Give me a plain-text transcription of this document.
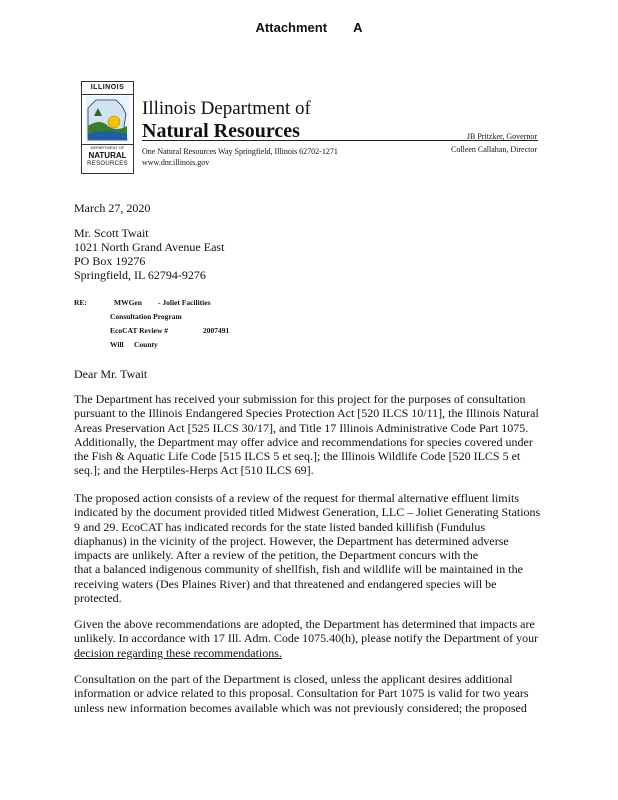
Attachment A
ILLINOIS
DEPARTMENT OF
NATURAL
RESOURCES
Illinois Department of
Natural Resources
One Natural Resources Way Springfield, Illinois 62702-1271
www.dnr.illinois.gov
JB Pritzker, Governor
Colleen Callahan, Director
March 27, 2020
Mr. Scott Twait
1021 North Grand Avenue East
PO Box 19276
Springfield, IL 62794-9276
RE:	MWGen - Joliet Facilities
Consultation Program
EcoCAT Review #	2007491
Will County
Dear Mr. Twait
The Department has received your submission for this project for the purposes of consultation
pursuant to the Illinois Endangered Species Protection Act [520 ILCS 10/11], the Illinois Natural
Areas Preservation Act [525 ILCS 30/17], and Title 17 Illinois Administrative Code Part 1075.
Additionally, the Department may offer advice and recommendations for species covered under
the Fish & Aquatic Life Code [515 ILCS 5 et seq.]; the Illinois Wildlife Code [520 ILCS 5 et
seq.]; and the Herptiles-Herps Act [510 ILCS 69].
The proposed action consists of a review of the request for thermal alternative effluent limits
indicated by the document provided titled Midwest Generation, LLC – Joliet Generating Stations
9 and 29. EcoCAT has indicated records for the state listed banded killifish (Fundulus
diaphanus) in the vicinity of the project. However, the Department has determined adverse
impacts are unlikely. After a review of the petition, the Department concurs with the
that a balanced indigenous community of shellfish, fish and wildlife will be maintained in the
receiving waters (Des Plaines River) and that threatened and endangered species will be
protected.
Given the above recommendations are adopted, the Department has determined that impacts are
unlikely. In accordance with 17 Ill. Adm. Code 1075.40(h), please notify the Department of your
decision regarding these recommendations.
Consultation on the part of the Department is closed, unless the applicant desires additional
information or advice related to this proposal. Consultation for Part 1075 is valid for two years
unless new information becomes available which was not previously considered; the proposed
